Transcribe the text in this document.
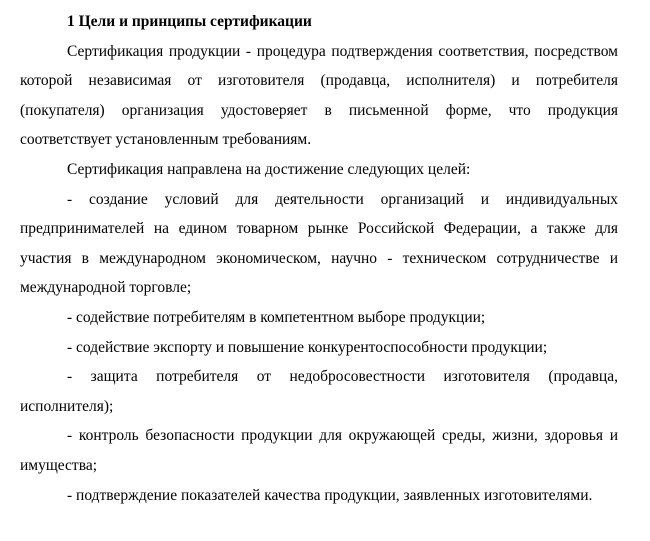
1 Цели и принципы сертификации

Сертификация продукции - процедура подтверждения соответствия, посредством которой независимая от изготовителя (продавца, исполнителя) и потребителя (покупателя) организация удостоверяет в письменной форме, что продукция соответствует установленным требованиям.

Сертификация направлена на достижение следующих целей:

- создание условий для деятельности организаций и индивидуальных предпринимателей на едином товарном рынке Российской Федерации, а также для участия в международном экономическом, научно - техническом сотрудничестве и международной торговле;

- содействие потребителям в компетентном выборе продукции;

- содействие экспорту и повышение конкурентоспособности продукции;

- защита потребителя от недобросовестности изготовителя (продавца, исполнителя);

- контроль безопасности продукции для окружающей среды, жизни, здоровья и имущества;

- подтверждение показателей качества продукции, заявленных изготовителями.
